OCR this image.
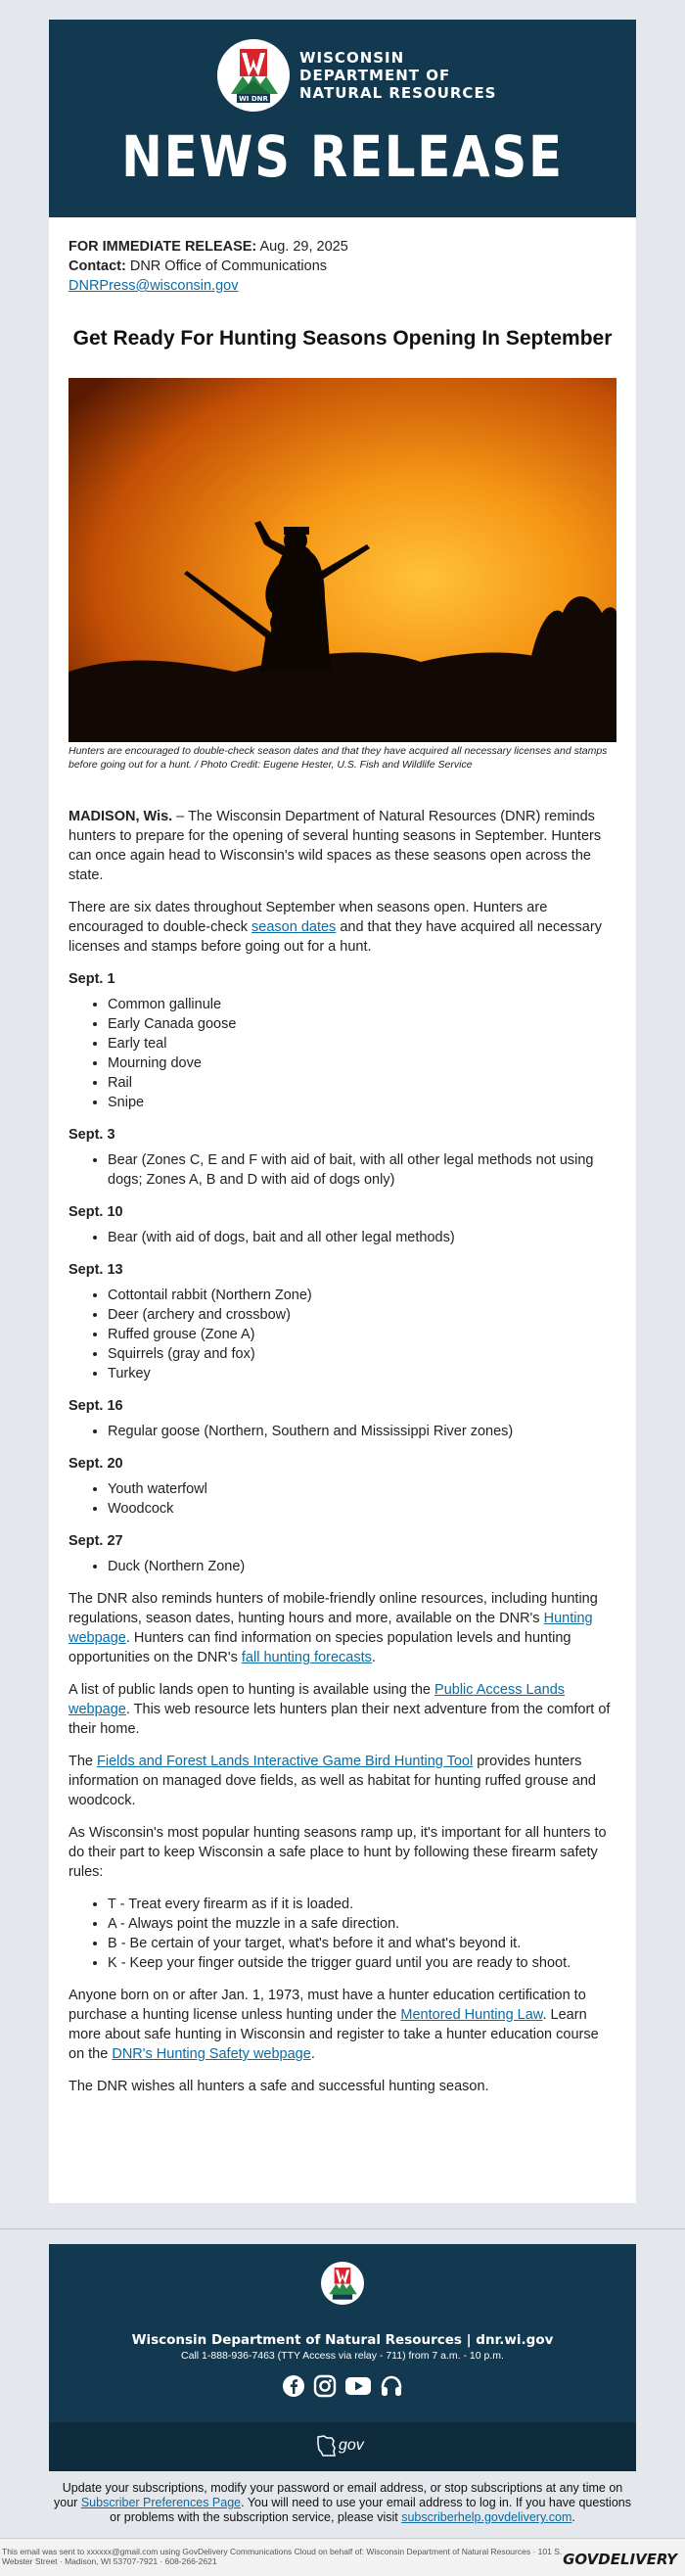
WI DNR
WISCONSIN
DEPARTMENT OF
NATURAL RESOURCES
NEWS RELEASE
FOR IMMEDIATE RELEASE: Aug. 29, 2025
Contact: DNR Office of Communications
DNRPress@wisconsin.gov
Get Ready For Hunting Seasons Opening In September
Hunters are encouraged to double-check season dates and that they have acquired all necessary licenses and stamps before going out for a hunt. / Photo Credit: Eugene Hester, U.S. Fish and Wildlife Service

MADISON, Wis. – The Wisconsin Department of Natural Resources (DNR) reminds hunters to prepare for the opening of several hunting seasons in September. Hunters can once again head to Wisconsin's wild spaces as these seasons open across the state.

There are six dates throughout September when seasons open. Hunters are encouraged to double-check season dates and that they have acquired all necessary licenses and stamps before going out for a hunt.

Sept. 1
• Common gallinule
• Early Canada goose
• Early teal
• Mourning dove
• Rail
• Snipe
Sept. 3
• Bear (Zones C, E and F with aid of bait, with all other legal methods not using dogs; Zones A, B and D with aid of dogs only)
Sept. 10
• Bear (with aid of dogs, bait and all other legal methods)
Sept. 13
• Cottontail rabbit (Northern Zone)
• Deer (archery and crossbow)
• Ruffed grouse (Zone A)
• Squirrels (gray and fox)
• Turkey
Sept. 16
• Regular goose (Northern, Southern and Mississippi River zones)
Sept. 20
• Youth waterfowl
• Woodcock
Sept. 27
• Duck (Northern Zone)

The DNR also reminds hunters of mobile-friendly online resources, including hunting regulations, season dates, hunting hours and more, available on the DNR's Hunting webpage. Hunters can find information on species population levels and hunting opportunities on the DNR's fall hunting forecasts.

A list of public lands open to hunting is available using the Public Access Lands webpage. This web resource lets hunters plan their next adventure from the comfort of their home.

The Fields and Forest Lands Interactive Game Bird Hunting Tool provides hunters information on managed dove fields, as well as habitat for hunting ruffed grouse and woodcock.

As Wisconsin's most popular hunting seasons ramp up, it's important for all hunters to do their part to keep Wisconsin a safe place to hunt by following these firearm safety rules:

• T - Treat every firearm as if it is loaded.
• A - Always point the muzzle in a safe direction.
• B - Be certain of your target, what's before it and what's beyond it.
• K - Keep your finger outside the trigger guard until you are ready to shoot.

Anyone born on or after Jan. 1, 1973, must have a hunter education certification to purchase a hunting license unless hunting under the Mentored Hunting Law. Learn more about safe hunting in Wisconsin and register to take a hunter education course on the DNR's Hunting Safety webpage.

The DNR wishes all hunters a safe and successful hunting season.

Wisconsin Department of Natural Resources | dnr.wi.gov
Call 1-888-936-7463 (TTY Access via relay - 711) from 7 a.m. - 10 p.m.
gov
Update your subscriptions, modify your password or email address, or stop subscriptions at any time on your Subscriber Preferences Page. You will need to use your email address to log in. If you have questions or problems with the subscription service, please visit subscriberhelp.govdelivery.com.
This email was sent to xxxxxx@gmail.com using GovDelivery Communications Cloud on behalf of: Wisconsin Department of Natural Resources · 101 S. Webster Street · Madison, WI 53707-7921 · 608-266-2621	GOVDELIVERY
